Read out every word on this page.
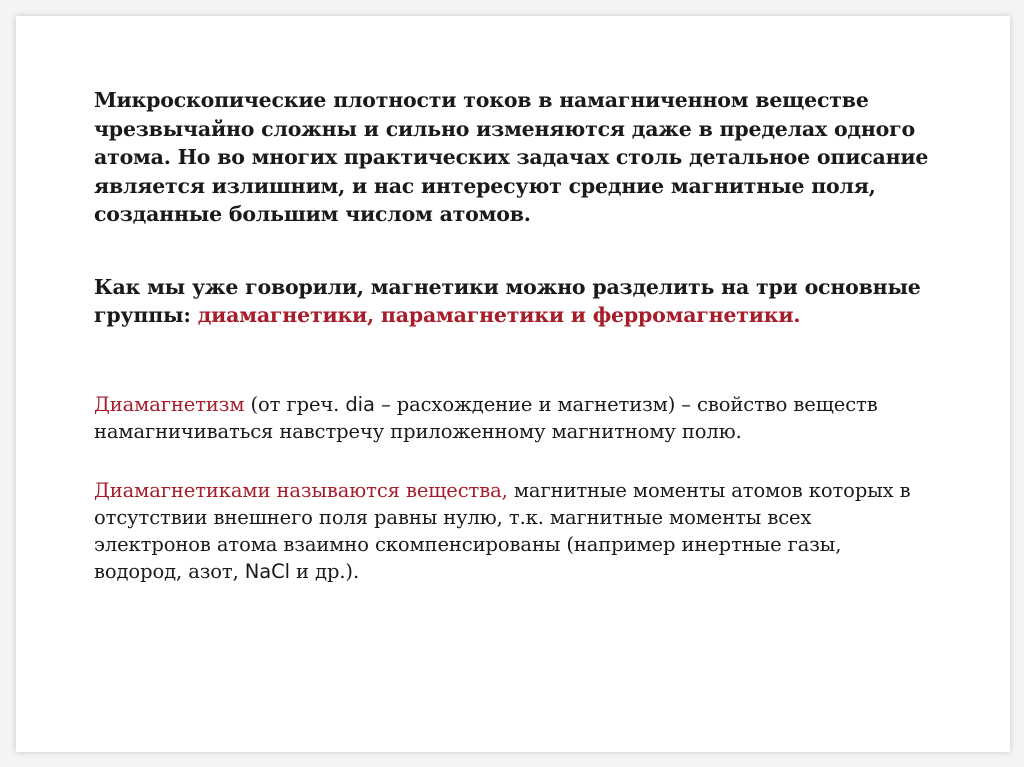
Микроскопические плотности токов в намагниченном веществе чрезвычайно сложны и сильно изменяются даже в пределах одного атома. Но во многих практических задачах столь детальное описание является излишним, и нас интересуют средние магнитные поля, созданные большим числом атомов.

Как мы уже говорили, магнетики можно разделить на три основные группы: диамагнетики, парамагнетики и ферромагнетики.

Диамагнетизм (от греч. dia – расхождение и магнетизм) – свойство веществ намагничиваться навстречу приложенному магнитному полю.

Диамагнетиками называются вещества, магнитные моменты атомов которых в отсутствии внешнего поля равны нулю, т.к. магнитные моменты всех электронов атома взаимно скомпенсированы (например инертные газы, водород, азот, NaCl и др.).
